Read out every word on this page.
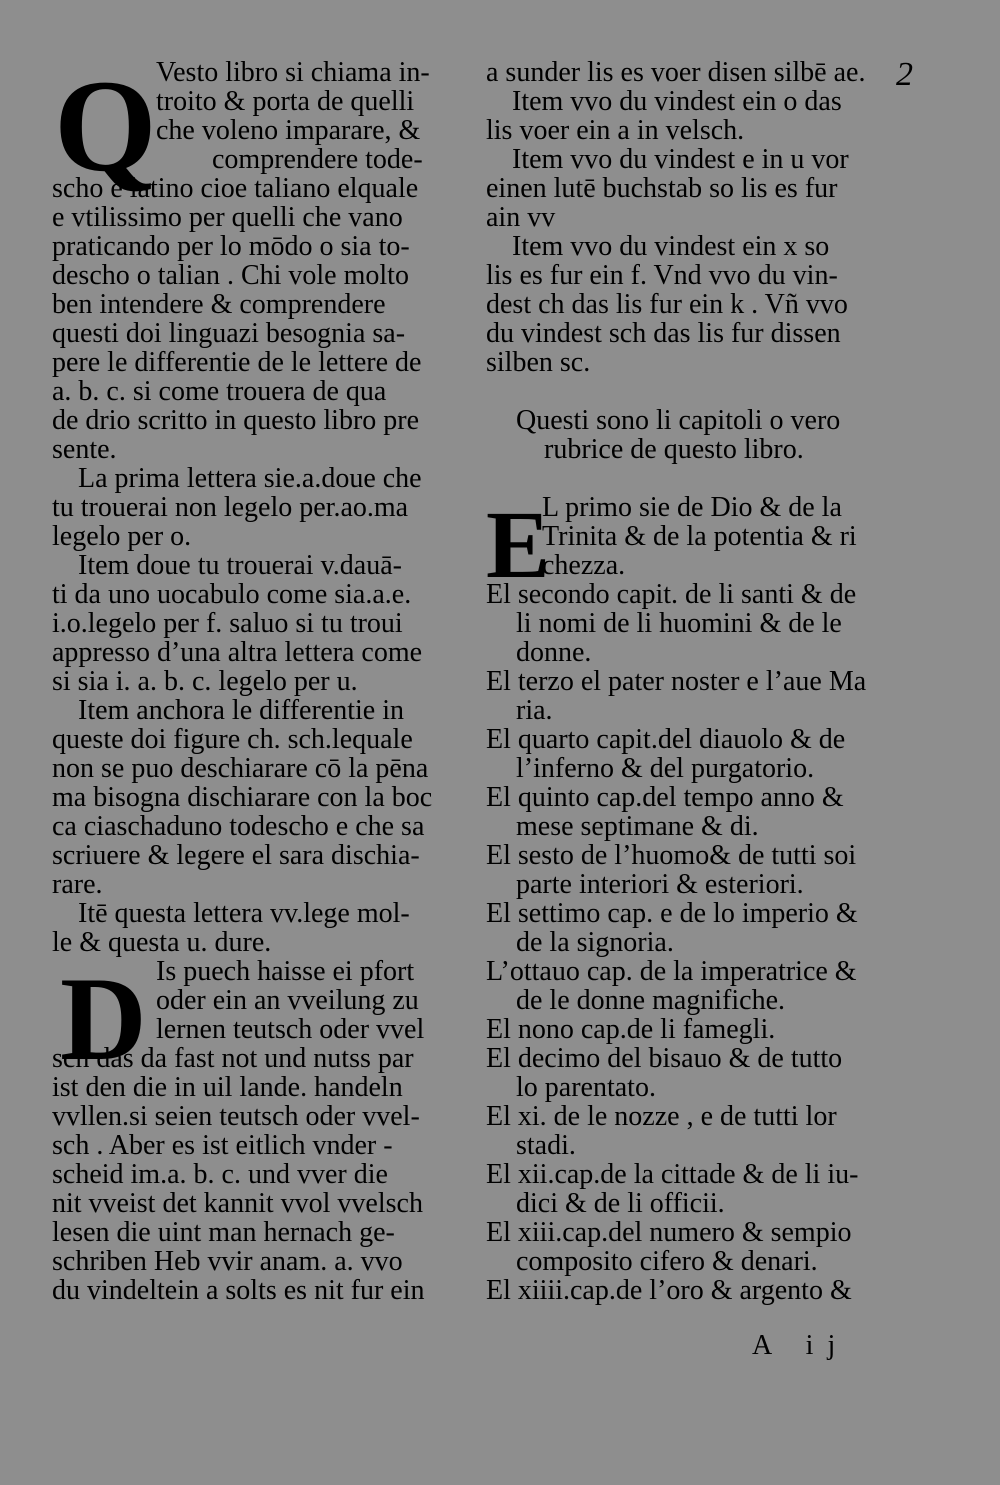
Q Vesto libro si chiama in-
troito & porta de quelli
che voleno imparare, &
comprendere tode-
scho e latino cioe taliano elquale
e vtilissimo per quelli che vano
praticando per lo mōdo o sia to-
descho o talian . Chi vole molto
ben intendere & comprendere
questi doi linguazi besognia sa-
pere le differentie de le lettere de
a. b. c. si come trouera de qua
de drio scritto in questo libro pre
sente.
La prima lettera sie.a.doue che
tu trouerai non legelo per.ao.ma
legelo per o.
Item doue tu trouerai v.dauā-
ti da uno uocabulo come sia.a.e.
i.o.legelo per f. saluo si tu troui
appresso d’una altra lettera come
si sia i. a. b. c. legelo per u.
Item anchora le differentie in
queste doi figure ch. sch.lequale
non se puo deschiarare cō la pēna
ma bisogna dischiarare con la boc
ca ciaschaduno todescho e che sa
scriuere & legere el sara dischia-
rare.
Itē questa lettera vv.lege mol-
le & questa u. dure.
D Is puech haisse ei pfort
oder ein an vveilung zu
lernen teutsch oder vvel
sch das da fast not und nutss par
ist den die in uil lande. handeln
vvllen.si seien teutsch oder vvel-
sch . Aber es ist eitlich vnder -
scheid im.a. b. c. und vver die
nit vveist det kannit vvol vvelsch
lesen die uint man hernach ge-
schriben Heb vvir anam. a. vvo
du vindeltein a solts es nit fur ein
a sunder lis es voer disen silbē ae.
Item vvo du vindest ein o das
lis voer ein a in velsch.
Item vvo du vindest e in u vor
einen lutē buchstab so lis es fur
ain vv
Item vvo du vindest ein x so
lis es fur ein f. Vnd vvo du vin-
dest ch das lis fur ein k . Vñ vvo
du vindest sch das lis fur dissen
silben sc.
Questi sono li capitoli o vero
rubrice de questo libro.
E
L primo sie de Dio & de la
Trinita & de la potentia & ri
chezza.
El secondo capit. de li santi & de
li nomi de li huomini & de le
donne.
El terzo el pater noster e l’aue Ma
ria.
El quarto capit.del diauolo & de
l’inferno & del purgatorio.
El quinto cap.del tempo anno &
mese septimane & di.
El sesto de l’huomo& de tutti soi
parte interiori & esteriori.
El settimo cap. e de lo imperio &
de la signoria.
L’ottauo cap. de la imperatrice &
de le donne magnifiche.
El nono cap.de li famegli.
El decimo del bisauo & de tutto
lo parentato.
El xi. de le nozze , e de tutti lor
stadi.
El xii.cap.de la cittade & de li iu-
dici & de li officii.
El xiii.cap.del numero & sempio
composito cifero & denari.
El xiiii.cap.de l’oro & argento &
2
A ij
